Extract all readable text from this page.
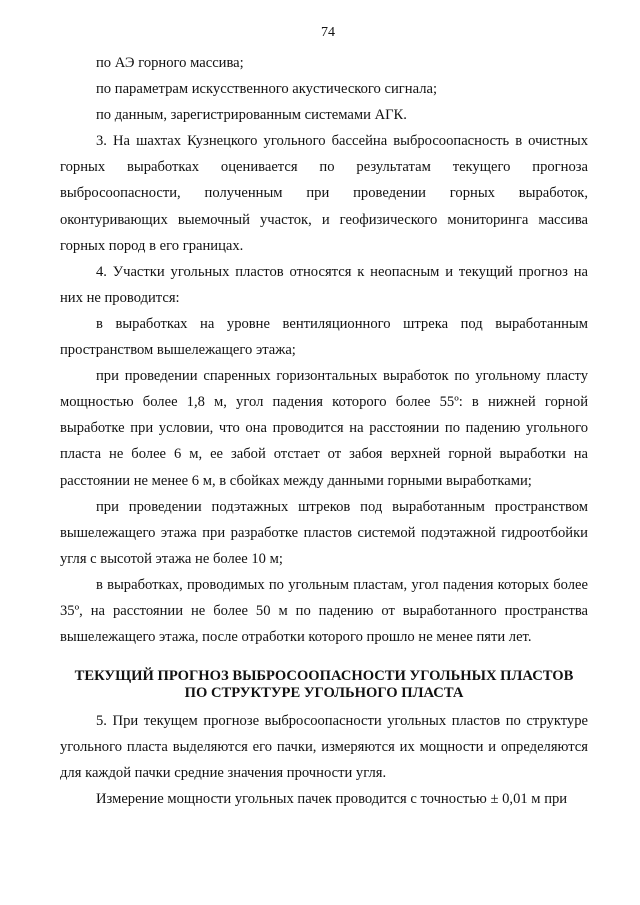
74

по АЭ горного массива;

по параметрам искусственного акустического сигнала;

по данным, зарегистрированным системами АГК.

3. На шахтах Кузнецкого угольного бассейна выбросоопасность в очистных горных выработках оценивается по результатам текущего прогноза выбросоопасности, полученным при проведении горных выработок, оконтуривающих выемочный участок, и геофизического мониторинга массива горных пород в его границах.

4. Участки угольных пластов относятся к неопасным и текущий прогноз на них не проводится:

в выработках на уровне вентиляционного штрека под выработанным пространством вышележащего этажа;

при проведении спаренных горизонтальных выработок по угольному пласту мощностью более 1,8 м, угол падения которого более 55º: в нижней горной выработке при условии, что она проводится на расстоянии по падению угольного пласта не более 6 м, ее забой отстает от забоя верхней горной выработки на расстоянии не менее 6 м, в сбойках между данными горными выработками;

при проведении подэтажных штреков под выработанным пространством вышележащего этажа при разработке пластов системой подэтажной гидроотбойки угля с высотой этажа не более 10 м;

в выработках, проводимых по угольным пластам, угол падения которых более 35º, на расстоянии не более 50 м по падению от выработанного пространства вышележащего этажа, после отработки которого прошло не менее пяти лет.

ТЕКУЩИЙ ПРОГНОЗ ВЫБРОСООПАСНОСТИ УГОЛЬНЫХ ПЛАСТОВ
ПО СТРУКТУРЕ УГОЛЬНОГО ПЛАСТА

5. При текущем прогнозе выбросоопасности угольных пластов по структуре угольного пласта выделяются его пачки, измеряются их мощности и определяются для каждой пачки средние значения прочности угля.

Измерение мощности угольных пачек проводится с точностью ± 0,01 м при
